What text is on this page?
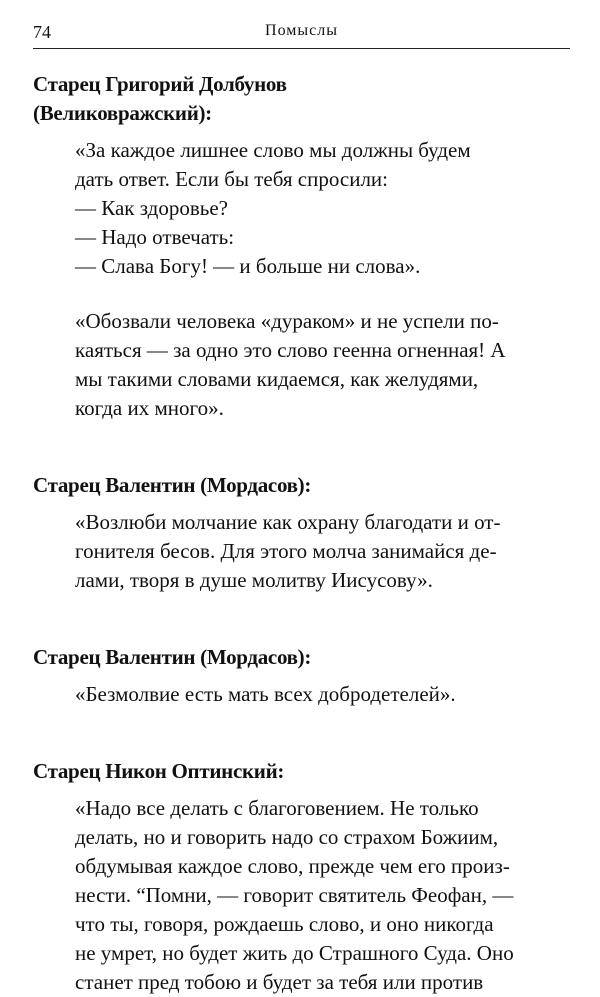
74	Помыслы
Старец Григорий Долбунов
(Великовражский):

«За каждое лишнее слово мы должны будем
дать ответ. Если бы тебя спросили:
— Как здоровье?
— Надо отвечать:
— Слава Богу! — и больше ни слова».

«Обозвали человека «дураком» и не успели по-
каяться — за одно это слово геенна огненная! А
мы такими словами кидаемся, как желудями,
когда их много».

Старец Валентин (Мордасов):

«Возлюби молчание как охрану благодати и от-
гонителя бесов. Для этого молча занимайся де-
лами, творя в душе молитву Иисусову».

Старец Валентин (Мордасов):

«Безмолвие есть мать всех добродетелей».

Старец Никон Оптинский:

«Надо все делать с благоговением. Не только
делать, но и говорить надо со страхом Божиим,
обдумывая каждое слово, прежде чем его произ-
нести. “Помни, — говорит святитель Феофан, —
что ты, говоря, рождаешь слово, и оно никогда
не умрет, но будет жить до Страшного Суда. Оно
станет пред тобою и будет за тебя или против
